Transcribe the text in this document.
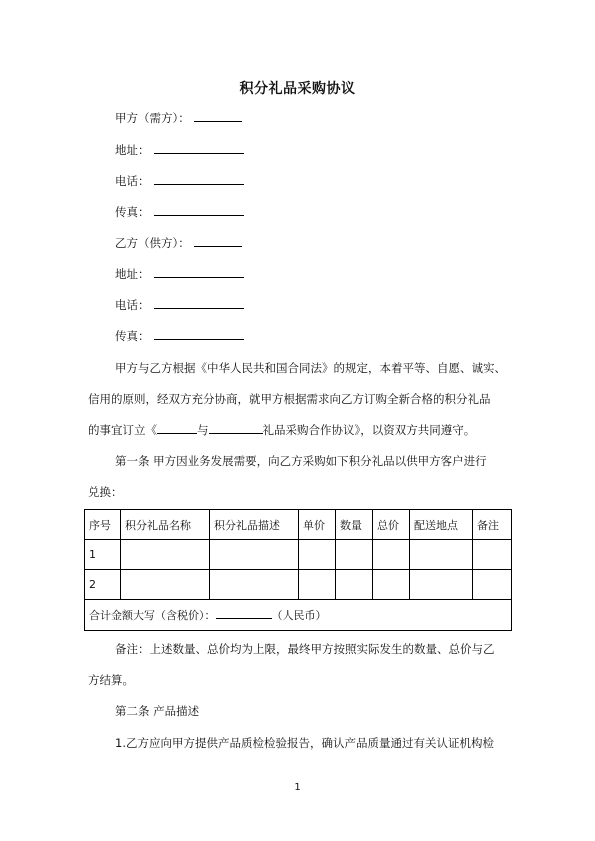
积分礼品采购协议
甲方（需方）：
地址：
电话：
传真：
乙方（供方）：
地址：
电话：
传真：
甲方与乙方根据《中华人民共和国合同法》的规定，本着平等、自愿、诚实、
信用的原则，经双方充分协商，就甲方根据需求向乙方订购全新合格的积分礼品
的事宜订立《	与	礼品采购合作协议》，以资双方共同遵守。
第一条 甲方因业务发展需要，向乙方采购如下积分礼品以供甲方客户进行
兑换：
序号	积分礼品名称	积分礼品描述	单价	数量	总价	配送地点	备注
1							
2							
合计金额大写（含税价）： （人民币）							
备注：上述数量、总价均为上限，最终甲方按照实际发生的数量、总价与乙
方结算。
第二条 产品描述
1.乙方应向甲方提供产品质检检验报告，确认产品质量通过有关认证机构检
1
